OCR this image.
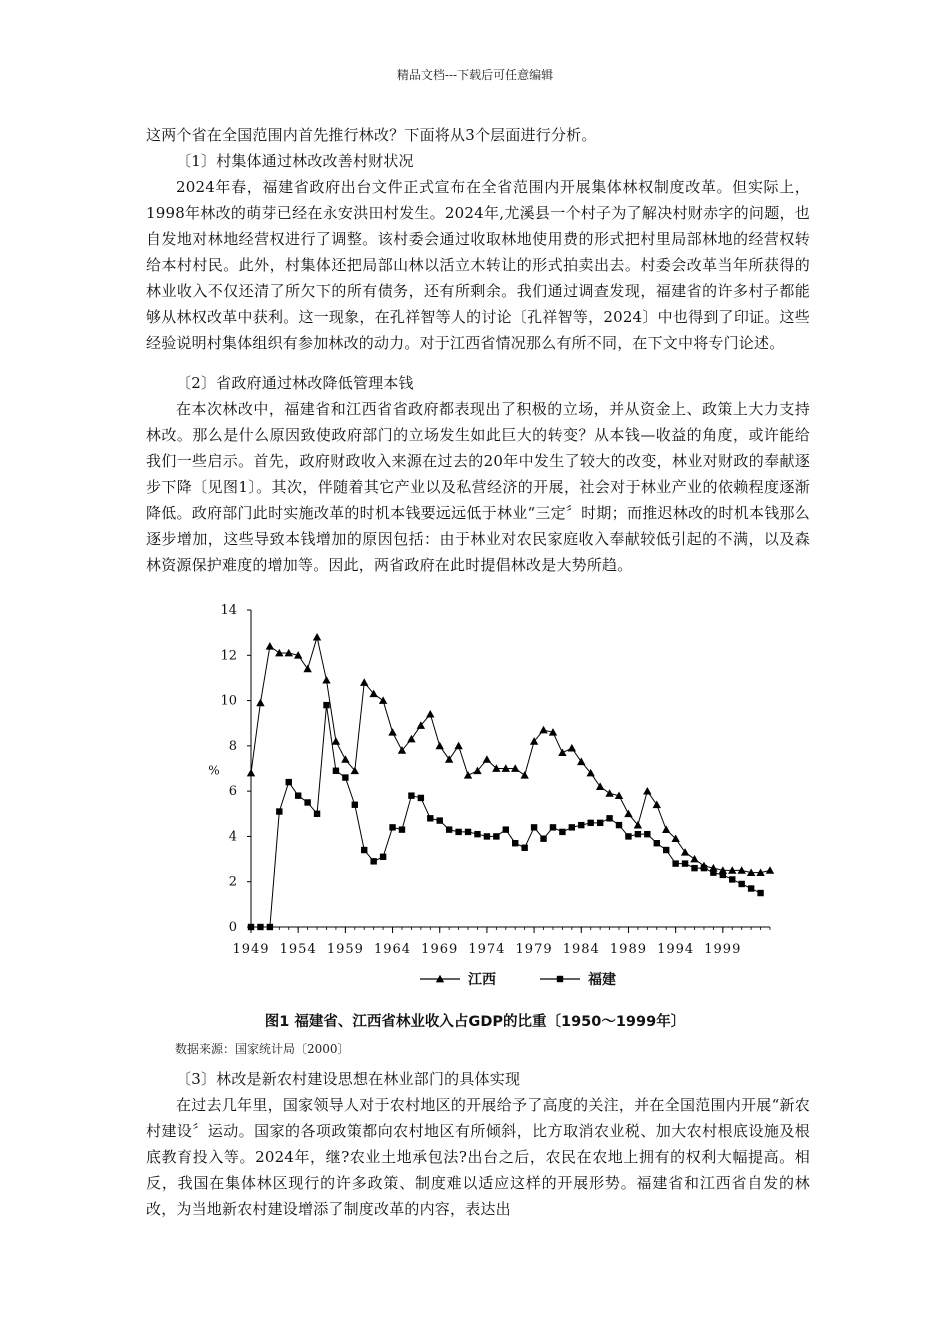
精品文档---下载后可任意编辑

这两个省在全国范围内首先推行林改？下面将从3个层面进行分析。

〔1〕村集体通过林改改善村财状况

2024年春，福建省政府出台文件正式宣布在全省范围内开展集体林权制度改革。但实际上，1998年林改的萌芽已经在永安洪田村发生。2024年,尤溪县一个村子为了解决村财赤字的问题，也自发地对林地经营权进行了调整。该村委会通过收取林地使用费的形式把村里局部林地的经营权转给本村村民。此外，村集体还把局部山林以活立木转让的形式拍卖出去。村委会改革当年所获得的林业收入不仅还清了所欠下的所有债务，还有所剩余。我们通过调查发现，福建省的许多村子都能够从林权改革中获利。这一现象，在孔祥智等人的讨论〔孔祥智等，2024〕中也得到了印证。这些经验说明村集体组织有参加林改的动力。对于江西省情况那么有所不同，在下文中将专门论述。

〔2〕省政府通过林改降低管理本钱

在本次林改中，福建省和江西省省政府都表现出了积极的立场，并从资金上、政策上大力支持林改。那么是什么原因致使政府部门的立场发生如此巨大的转变？从本钱—收益的角度，或许能给我们一些启示。首先，政府财政收入来源在过去的20年中发生了较大的改变，林业对财政的奉献逐步下降〔见图1〕。其次，伴随着其它产业以及私营经济的开展，社会对于林业产业的依赖程度逐渐降低。政府部门此时实施改革的时机本钱要远远低于林业“三定〞时期；而推迟林改的时机本钱那么逐步增加，这些导致本钱增加的原因包括：由于林业对农民家庭收入奉献较低引起的不满，以及森林资源保护难度的增加等。因此，两省政府在此时提倡林改是大势所趋。

0
2
4
6
8
10
12
14
%
1949 1954 1959 1964 1969 1974 1979 1984 1989 1994 1999
江西	福建
图1 福建省、江西省林业收入占GDP的比重〔1950～1999年〕
数据来源：国家统计局〔2000〕

〔3〕林改是新农村建设思想在林业部门的具体实现

在过去几年里，国家领导人对于农村地区的开展给予了高度的关注，并在全国范围内开展“新农村建设〞运动。国家的各项政策都向农村地区有所倾斜，比方取消农业税、加大农村根底设施及根底教育投入等。2024年，继?农业土地承包法?出台之后，农民在农地上拥有的权利大幅提高。相反，我国在集体林区现行的许多政策、制度难以适应这样的开展形势。福建省和江西省自发的林改，为当地新农村建设增添了制度改革的内容，表达出
